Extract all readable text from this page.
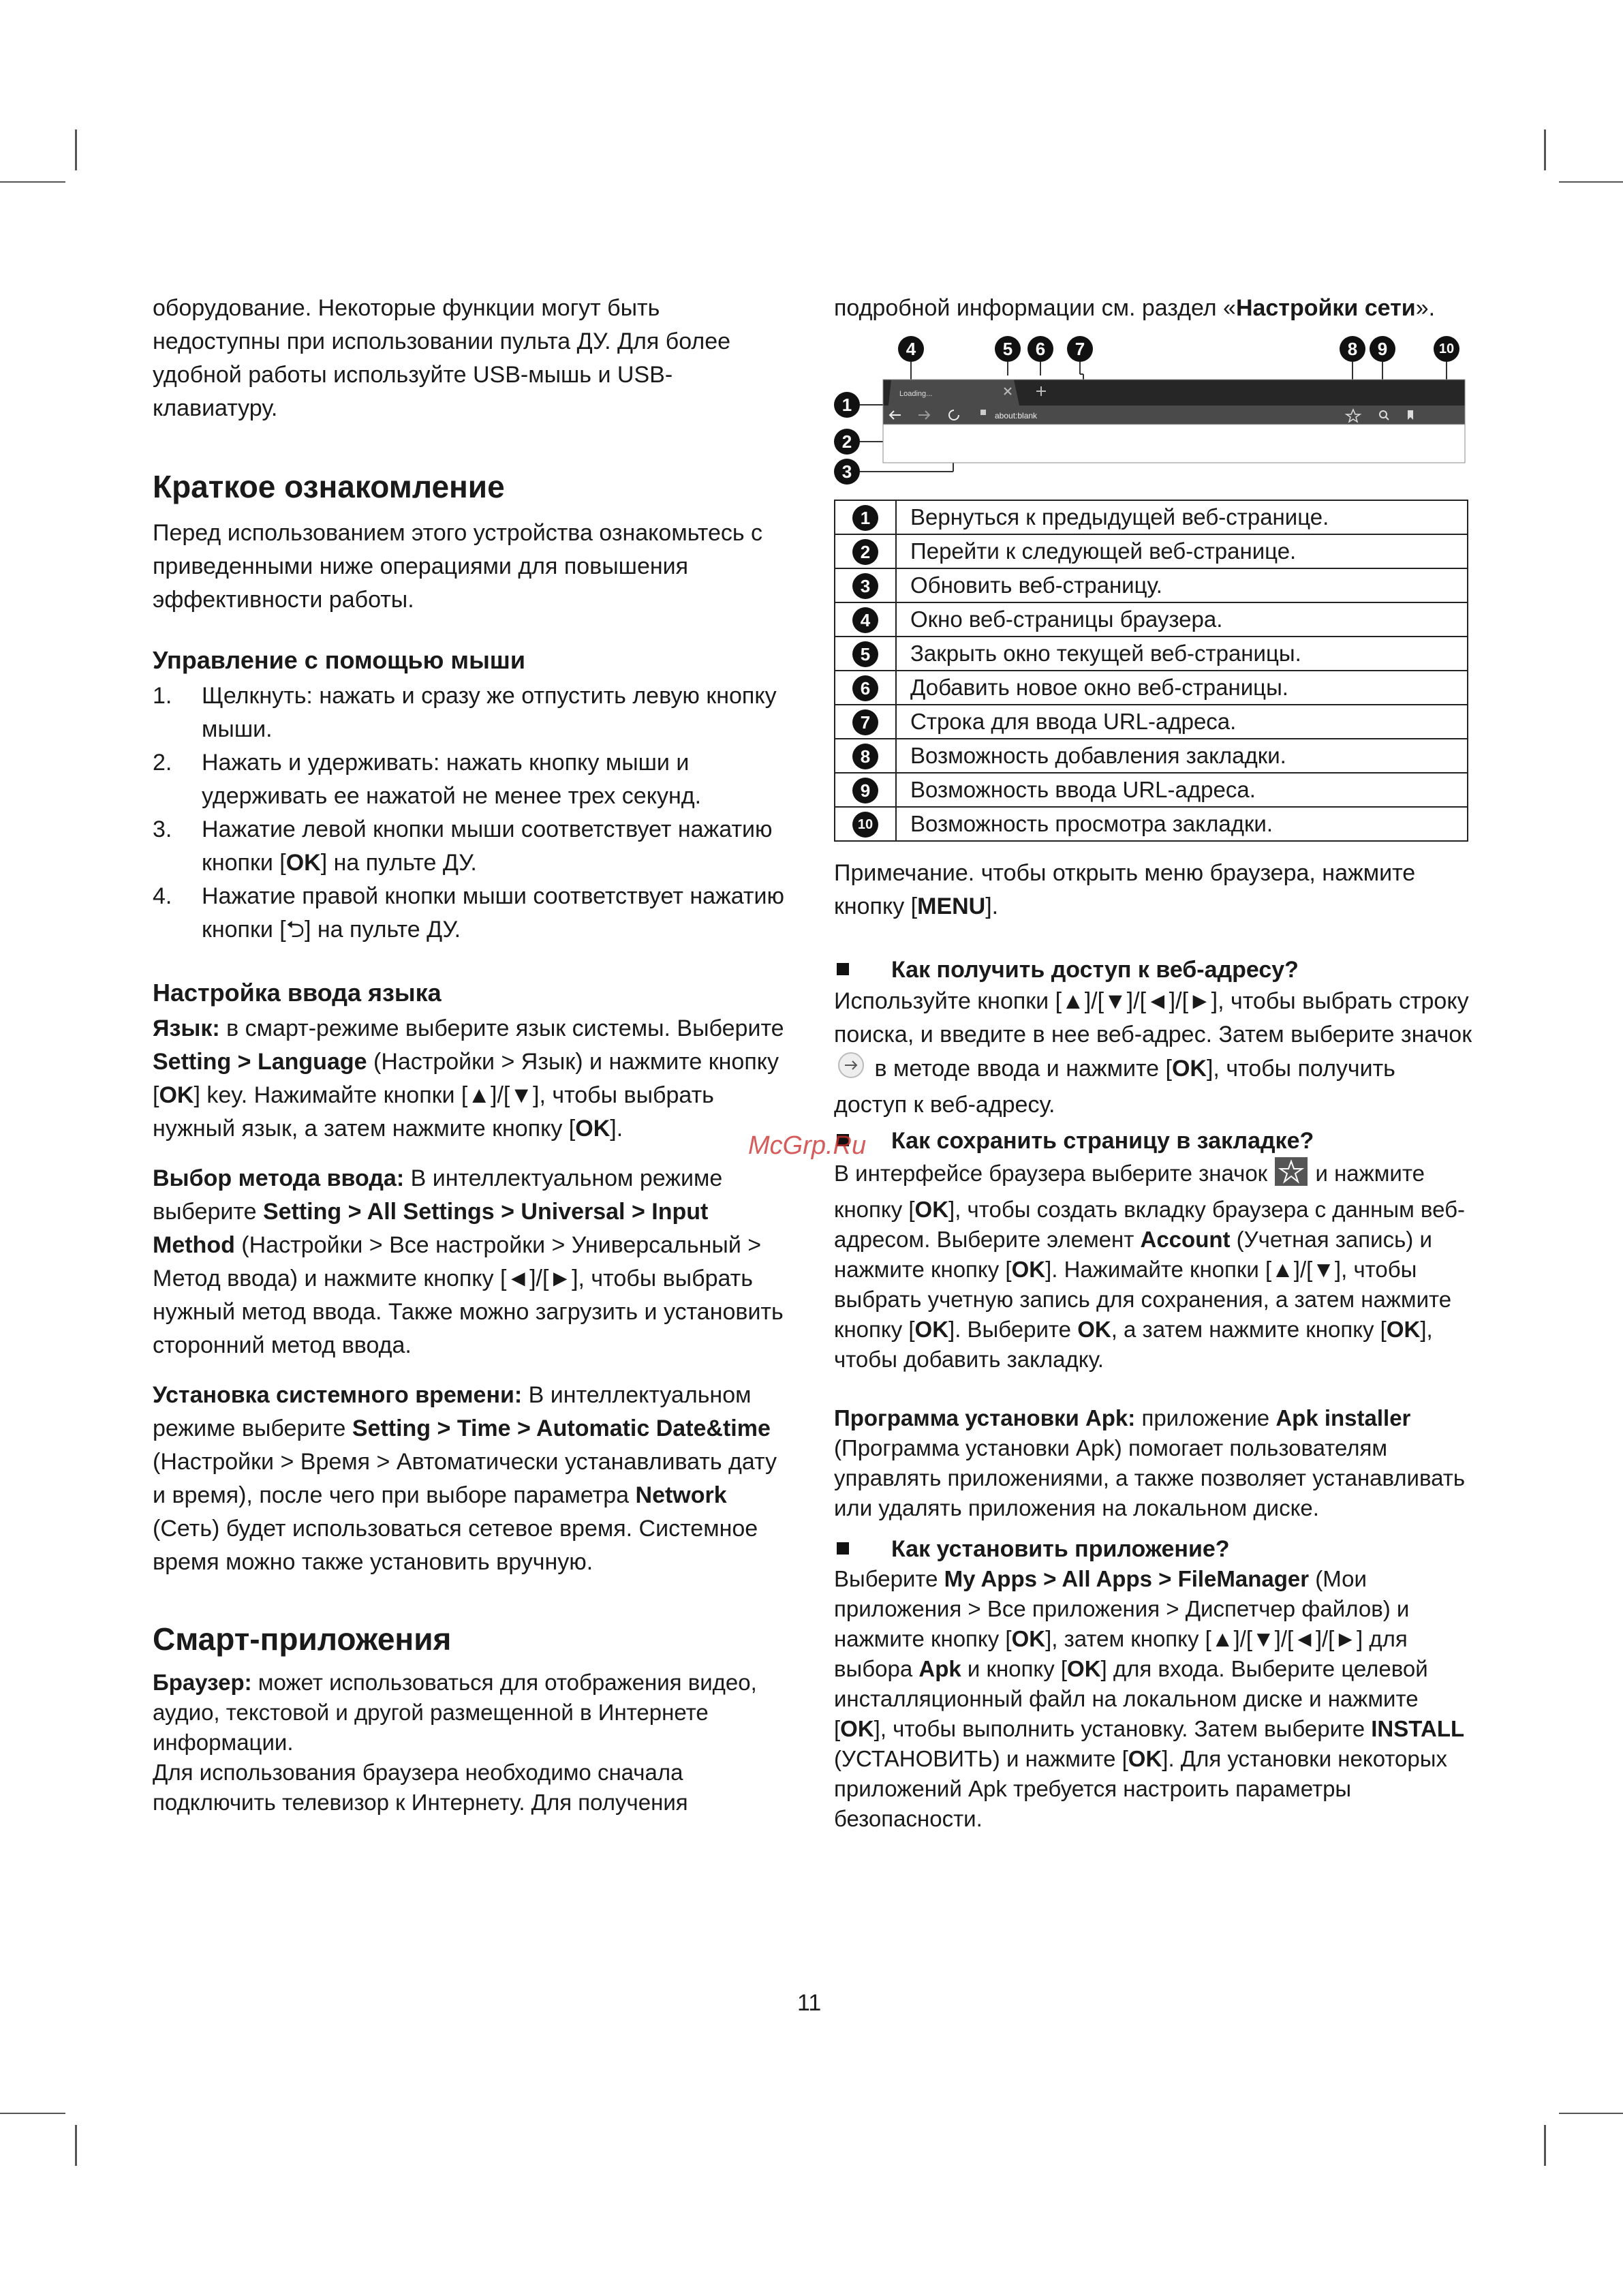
оборудование. Некоторые функции могут быть недоступны при использовании пульта ДУ. Для более удобной работы используйте USB-мышь и USB-клавиатуру.

Краткое ознакомление

Перед использованием этого устройства ознакомьтесь с приведенными ниже операциями для повышения эффективности работы.

Управление с помощью мыши
1. Щелкнуть: нажать и сразу же отпустить левую кнопку мыши.
2. Нажать и удерживать: нажать кнопку мыши и удерживать ее нажатой не менее трех секунд.
3. Нажатие левой кнопки мыши соответствует нажатию кнопки [OK] на пульте ДУ.
4. Нажатие правой кнопки мыши соответствует нажатию кнопки [⮌] на пульте ДУ.
Настройка ввода языка

Язык: в смарт-режиме выберите язык системы. Выберите Setting > Language (Настройки > Язык) и нажмите кнопку [OK] key. Нажимайте кнопки [▲]/[▼], чтобы выбрать нужный язык, а затем нажмите кнопку [OK].

Выбор метода ввода: В интеллектуальном режиме выберите Setting > All Settings > Universal > Input Method (Настройки > Все настройки > Универсальный > Метод ввода) и нажмите кнопку [◄]/[►], чтобы выбрать нужный метод ввода. Также можно загрузить и установить сторонний метод ввода.

Установка системного времени: В интеллектуальном режиме выберите Setting > Time > Automatic Date&time (Настройки > Время > Автоматически устанавливать дату и время), после чего при выборе параметра Network (Сеть) будет использоваться сетевое время. Системное время можно также установить вручную.

Смарт-приложения

Браузер: может использоваться для отображения видео, аудио, текстовой и другой размещенной в Интернете информации.
Для использования браузера необходимо сначала подключить телевизор к Интернету. Для получения

подробной информации см. раздел «Настройки сети».

4	5	6	7	8	9	10
1
2
3
Loading...
about:blank
1	Вернуться к предыдущей веб-странице.
2	Перейти к следующей веб-странице.
3	Обновить веб-страницу.
4	Окно веб-страницы браузера.
5	Закрыть окно текущей веб-страницы.
6	Добавить новое окно веб-страницы.
7	Строка для ввода URL-адреса.
8	Возможность добавления закладки.
9	Возможность ввода URL-адреса.
10	Возможность просмотра закладки.

Примечание. чтобы открыть меню браузера, нажмите кнопку [MENU].

Как получить доступ к веб-адресу?

Используйте кнопки [▲]/[▼]/[◄]/[►], чтобы выбрать строку поиска, и введите в нее веб-адрес. Затем выберите значок  в методе ввода и нажмите [OK], чтобы получить доступ к веб-адресу.

Как сохранить страницу в закладке?

В интерфейсе браузера выберите значок  и нажмите кнопку [OK], чтобы создать вкладку браузера с данным веб-адресом. Выберите элемент Account (Учетная запись) и нажмите кнопку [OK]. Нажимайте кнопки [▲]/[▼], чтобы выбрать учетную запись для сохранения, а затем нажмите кнопку [OK]. Выберите OK, а затем нажмите кнопку [OK], чтобы добавить закладку.

Программа установки Apk: приложение Apk installer (Программа установки Apk) помогает пользователям управлять приложениями, а также позволяет устанавливать или удалять приложения на локальном диске.

Как установить приложение?

Выберите My Apps > All Apps > FileManager (Мои приложения > Все приложения > Диспетчер файлов) и нажмите кнопку [OK], затем кнопку [▲]/[▼]/[◄]/[►] для выбора Apk и кнопку [OK] для входа. Выберите целевой инсталляционный файл на локальном диске и нажмите [OK], чтобы выполнить установку. Затем выберите INSTALL (УСТАНОВИТЬ) и нажмите [OK]. Для установки некоторых приложений Apk требуется настроить параметры безопасности.

McGrp.Ru
11
